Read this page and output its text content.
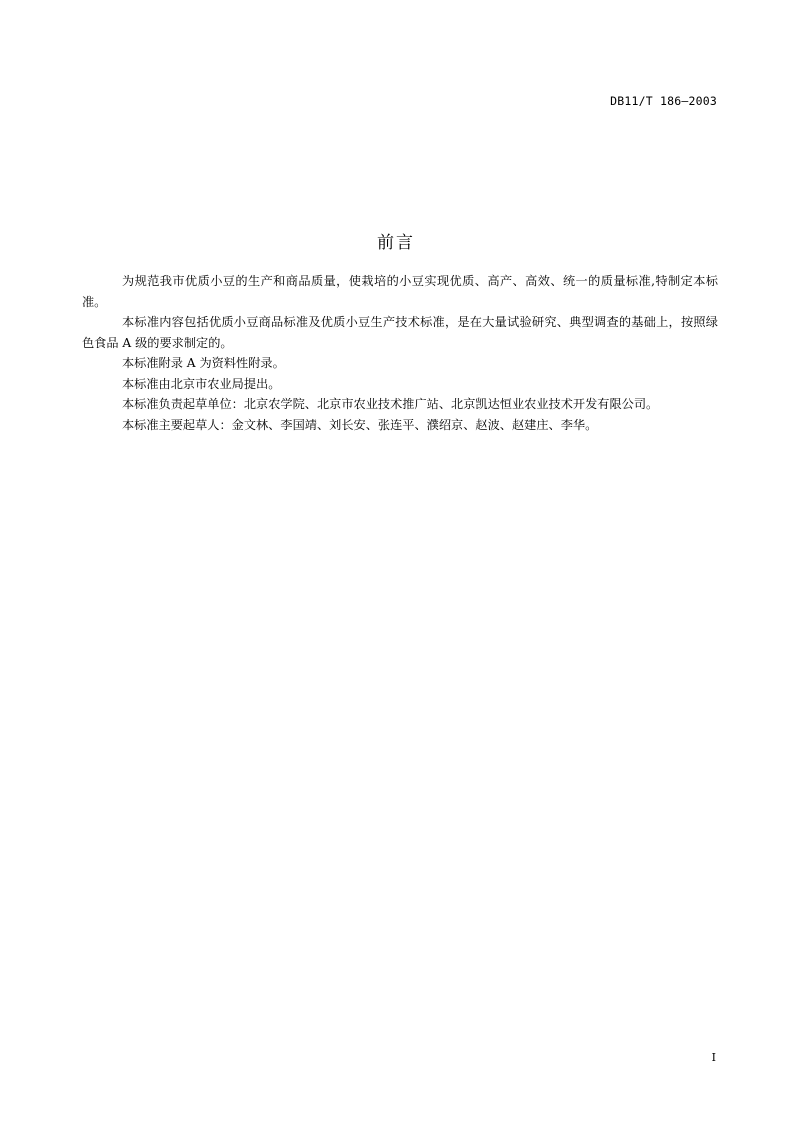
DB11/T 186—2003
前言

为规范我市优质小豆的生产和商品质量，使栽培的小豆实现优质、高产、高效、统一的质量标准,特制定本标准。

本标准内容包括优质小豆商品标准及优质小豆生产技术标准，是在大量试验研究、典型调查的基础上，按照绿色食品 A 级的要求制定的。

本标准附录 A 为资料性附录。

本标准由北京市农业局提出。

本标准负责起草单位：北京农学院、北京市农业技术推广站、北京凯达恒业农业技术开发有限公司。

本标准主要起草人：金文林、李国靖、刘长安、张连平、濮绍京、赵波、赵建庄、李华。

I
